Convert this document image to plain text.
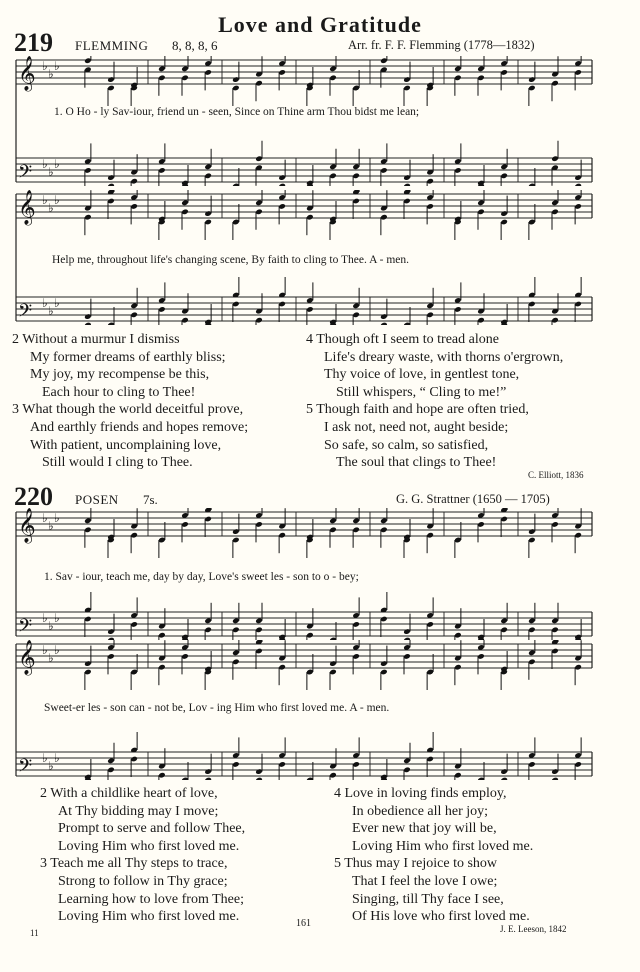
Love and Gratitude
219 FLEMMING 8, 8, 8, 6	Arr. fr. F. F. Flemming (1778—1832)
𝄞 ♭
♭
♭
𝄢 ♭
♭
♭
1. O Ho - ly Sav-iour, friend un - seen, Since on Thine arm Thou bidst me lean;
𝄞 ♭
♭
♭
𝄢 ♭
♭
♭
Help me, throughout life's changing scene, By faith to cling to Thee. A - men.
2 Without a murmur I dismiss
My former dreams of earthly bliss;
My joy, my recompense be this,
Each hour to cling to Thee!
3 What though the world deceitful prove,
And earthly friends and hopes remove;
With patient, uncomplaining love,
Still would I cling to Thee.
4 Though oft I seem to tread alone
Life's dreary waste, with thorns o'ergrown,
Thy voice of love, in gentlest tone,
Still whispers, “ Cling to me!”
5 Though faith and hope are often tried,
I ask not, need not, aught beside;
So safe, so calm, so satisfied,
The soul that clings to Thee!
C. Elliott, 1836
220 POSEN 7s.	G. G. Strattner (1650 — 1705)
𝄞 ♭
♭
♭
𝄢 ♭
♭
♭
1. Sav - iour, teach me, day by day, Love's sweet les - son to o - bey;
𝄞 ♭
♭
♭
𝄢 ♭
♭
♭
Sweet-er les - son can - not be, Lov - ing Him who first loved me. A - men.
2 With a childlike heart of love,
At Thy bidding may I move;
Prompt to serve and follow Thee,
Loving Him who first loved me.
3 Teach me all Thy steps to trace,
Strong to follow in Thy grace;
Learning how to love from Thee;
Loving Him who first loved me.
4 Love in loving finds employ,
In obedience all her joy;
Ever new that joy will be,
Loving Him who first loved me.
5 Thus may I rejoice to show
That I feel the love I owe;
Singing, till Thy face I see,
Of His love who first loved me.
161	J. E. Leeson, 1842
11
